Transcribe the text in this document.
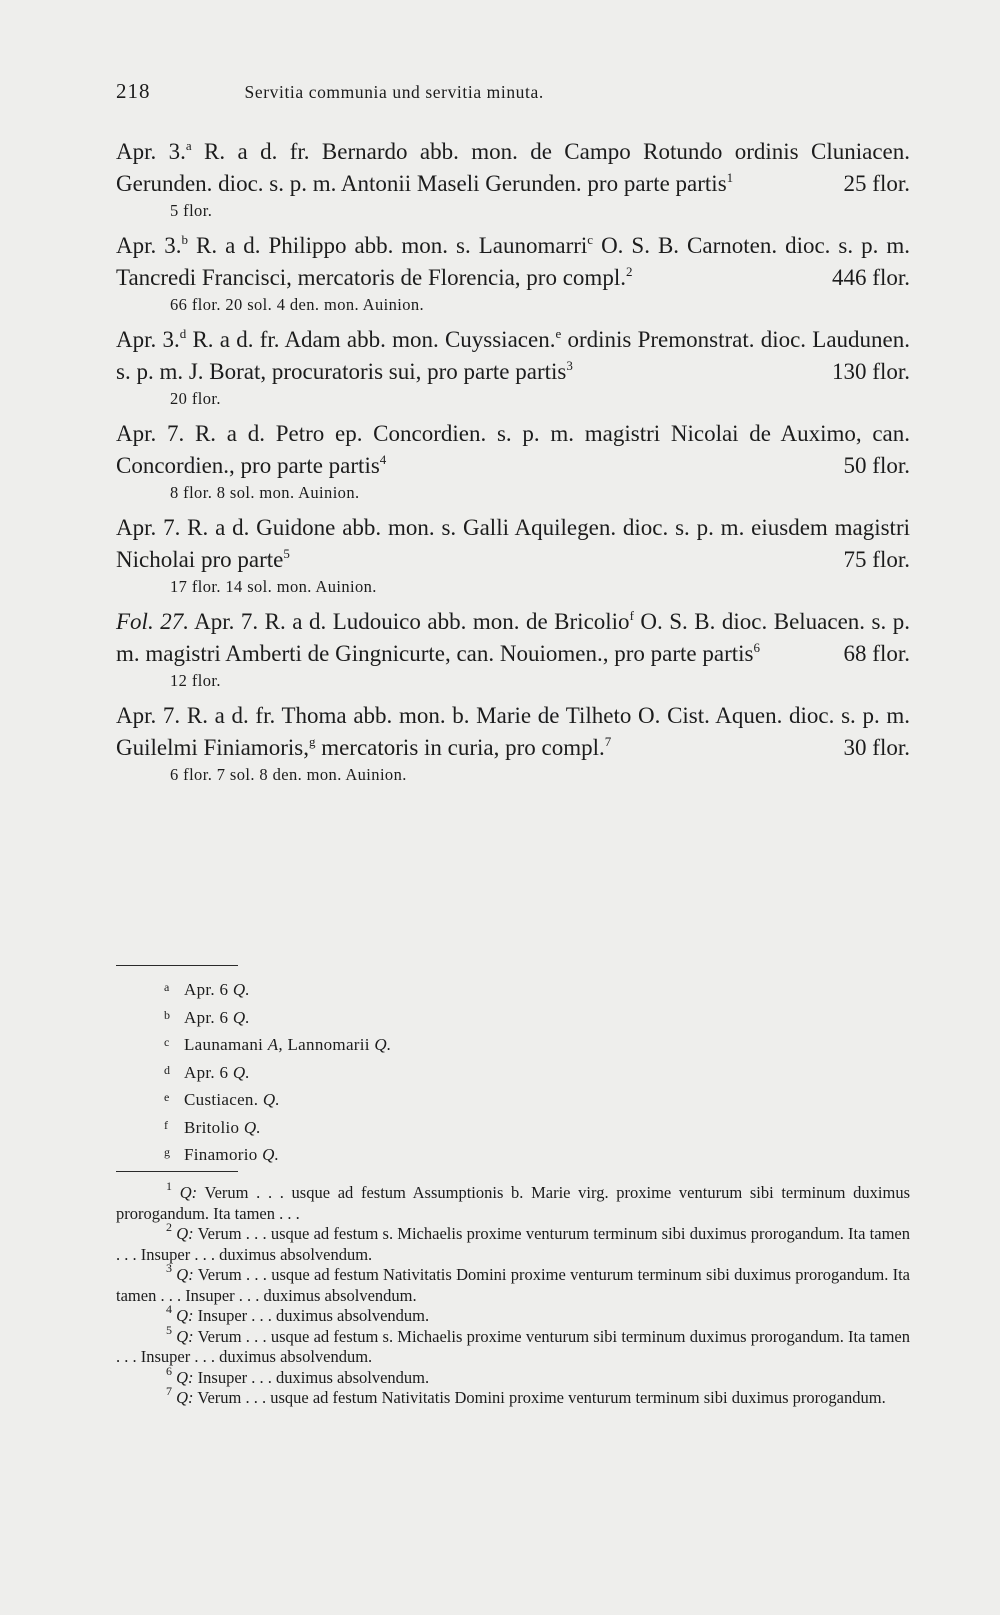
218	Servitia communia und servitia minuta.
Apr. 3.$^a$ R. a d. fr. Bernardo abb. mon. de Campo Rotundo ordinis Cluniacen. Gerunden. dioc. s. p. m. Antonii Maseli Gerunden. pro parte partis$^1$	25 flor.
5 flor.
Apr. 3.$^b$ R. a d. Philippo abb. mon. s. Launomarri$^c$ O. S. B. Carnoten. dioc. s. p. m. Tancredi Francisci, mercatoris de Florencia, pro compl.$^2$	446 flor.
66 flor. 20 sol. 4 den. mon. Auinion.
Apr. 3.$^d$ R. a d. fr. Adam abb. mon. Cuyssiacen.$^e$ ordinis Premonstrat. dioc. Laudunen. s. p. m. J. Borat, procuratoris sui, pro parte partis$^3$	130 flor.
20 flor.
Apr. 7. R. a d. Petro ep. Concordien. s. p. m. magistri Nicolai de Auximo, can. Concordien., pro parte partis$^4$	50 flor.
8 flor. 8 sol. mon. Auinion.
Apr. 7. R. a d. Guidone abb. mon. s. Galli Aquilegen. dioc. s. p. m. eiusdem magistri Nicholai pro parte$^5$	75 flor.
17 flor. 14 sol. mon. Auinion.
Fol. 27. Apr. 7. R. a d. Ludouico abb. mon. de Bricolio$^f$ O. S. B. dioc. Beluacen. s. p. m. magistri Amberti de Gingnicurte, can. Nouiomen., pro parte partis$^6$	68 flor.
12 flor.
Apr. 7. R. a d. fr. Thoma abb. mon. b. Marie de Tilheto O. Cist. Aquen. dioc. s. p. m. Guilelmi Finiamoris,$^g$ mercatoris in curia, pro compl.$^7$	30 flor.
6 flor. 7 sol. 8 den. mon. Auinion.
a Apr. 6 Q.
b Apr. 6 Q.
c Launamani A, Lannomarii Q.
d Apr. 6 Q.
e Custiacen. Q.
f Britolio Q.
g Finamorio Q.
$^1$ Q: Verum . . . usque ad festum Assumptionis b. Marie virg. proxime venturum sibi terminum duximus prorogandum. Ita tamen . . .
$^2$ Q: Verum . . . usque ad festum s. Michaelis proxime venturum terminum sibi duximus prorogandum. Ita tamen . . . Insuper . . . duximus absolvendum.
$^3$ Q: Verum . . . usque ad festum Nativitatis Domini proxime venturum terminum sibi duximus prorogandum. Ita tamen . . . Insuper . . . duximus absolvendum.
$^4$ Q: Insuper . . . duximus absolvendum.
$^5$ Q: Verum . . . usque ad festum s. Michaelis proxime venturum sibi terminum duximus prorogandum. Ita tamen . . . Insuper . . . duximus absolvendum.
$^6$ Q: Insuper . . . duximus absolvendum.
$^7$ Q: Verum . . . usque ad festum Nativitatis Domini proxime venturum terminum sibi duximus prorogandum.
